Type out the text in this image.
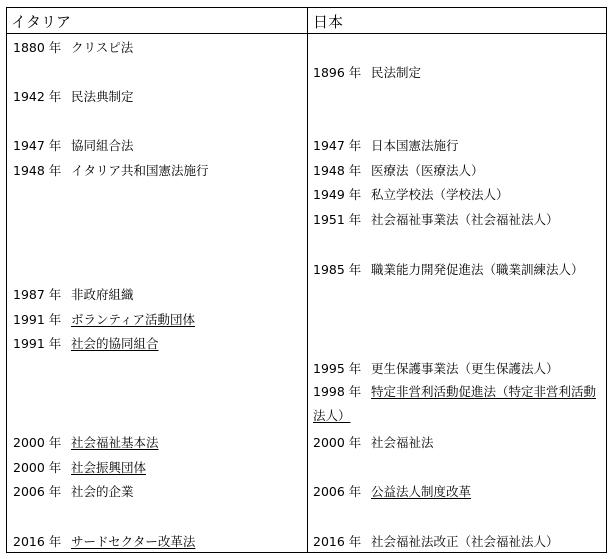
イタリア	日本
1880 年 クリスピ法
1942 年 民法典制定
1947 年 協同組合法
1948 年 イタリア共和国憲法施行
1987 年 非政府組織
1991 年 ボランティア活動団体
1991 年 社会的協同組合
2000 年 社会福祉基本法
2000 年 社会振興団体
2006 年 社会的企業
2016 年 サードセクター改革法
1896 年 民法制定
1947 年 日本国憲法施行
1948 年 医療法（医療法人）
1949 年 私立学校法（学校法人）
1951 年 社会福祉事業法（社会福祉法人）
1985 年 職業能力開発促進法（職業訓練法人）
1995 年 更生保護事業法（更生保護法人）
1998 年 特定非営利活動促進法（特定非営利活動法人）
2000 年 社会福祉法
2006 年 公益法人制度改革
2016 年 社会福祉法改正（社会福祉法人）
